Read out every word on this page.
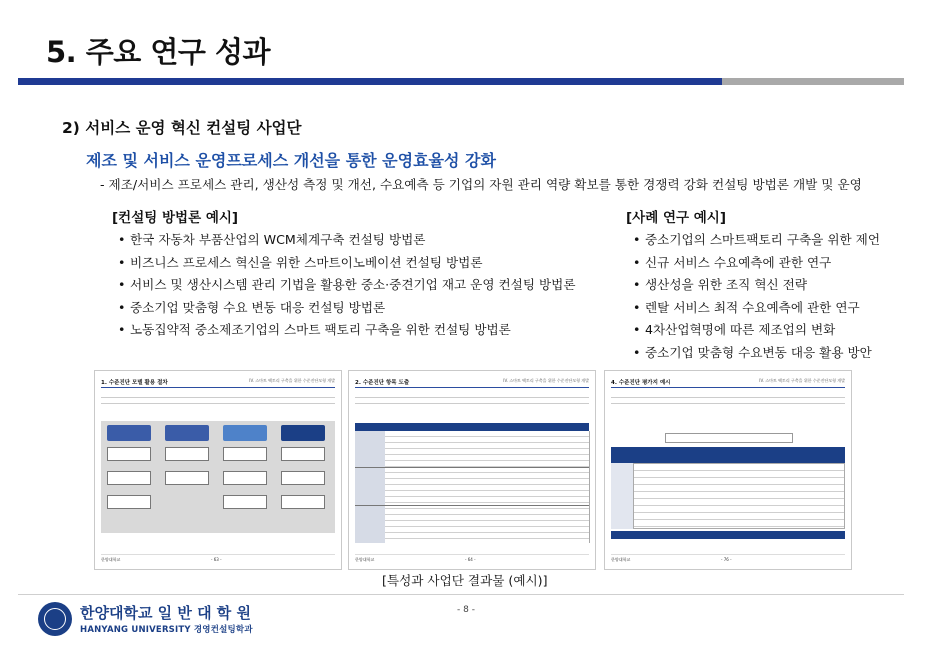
5. 주요 연구 성과
2) 서비스 운영 혁신 컨설팅 사업단
제조 및 서비스 운영프로세스 개선을 통한 운영효율성 강화
- 제조/서비스 프로세스 관리, 생산성 측정 및 개선, 수요예측 등 기업의 자원 관리 역량 확보를 통한 경쟁력 강화 컨설팅 방법론 개발 및 운영
[컨설팅 방법론 예시]
• 한국 자동차 부품산업의 WCM체계구축 컨설팅 방법론
• 비즈니스 프로세스 혁신을 위한 스마트이노베이션 컨설팅 방법론
• 서비스 및 생산시스템 관리 기법을 활용한 중소·중견기업 재고 운영 컨설팅 방법론
• 중소기업 맞춤형 수요 변동 대응 컨설팅 방법론
• 노동집약적 중소제조기업의 스마트 팩토리 구축을 위한 컨설팅 방법론
[사례 연구 예시]
• 중소기업의 스마트팩토리 구축을 위한 제언
• 신규 서비스 수요예측에 관한 연구
• 생산성을 위한 조직 혁신 전략
• 렌탈 서비스 최적 수요예측에 관한 연구
• 4차산업혁명에 따른 제조업의 변화
• 중소기업 맞춤형 수요변동 대응 활용 방안
1. 수준진단 모델 활용 절차	IV. 스마트 팩토리 구축을 위한 수준진단모형 개발
한양대학교	- 63 -
2. 수준진단 항목 도출	IV. 스마트 팩토리 구축을 위한 수준진단모형 개발
한양대학교	- 64 -
4. 수준진단 평가지 예시	IV. 스마트 팩토리 구축을 위한 수준진단모형 개발
한양대학교	- 76 -
[특성과 사업단 결과물 (예시)]
- 8 -
한양대학교 일 반 대 학 원
HANYANG UNIVERSITY 경영컨설팅학과
